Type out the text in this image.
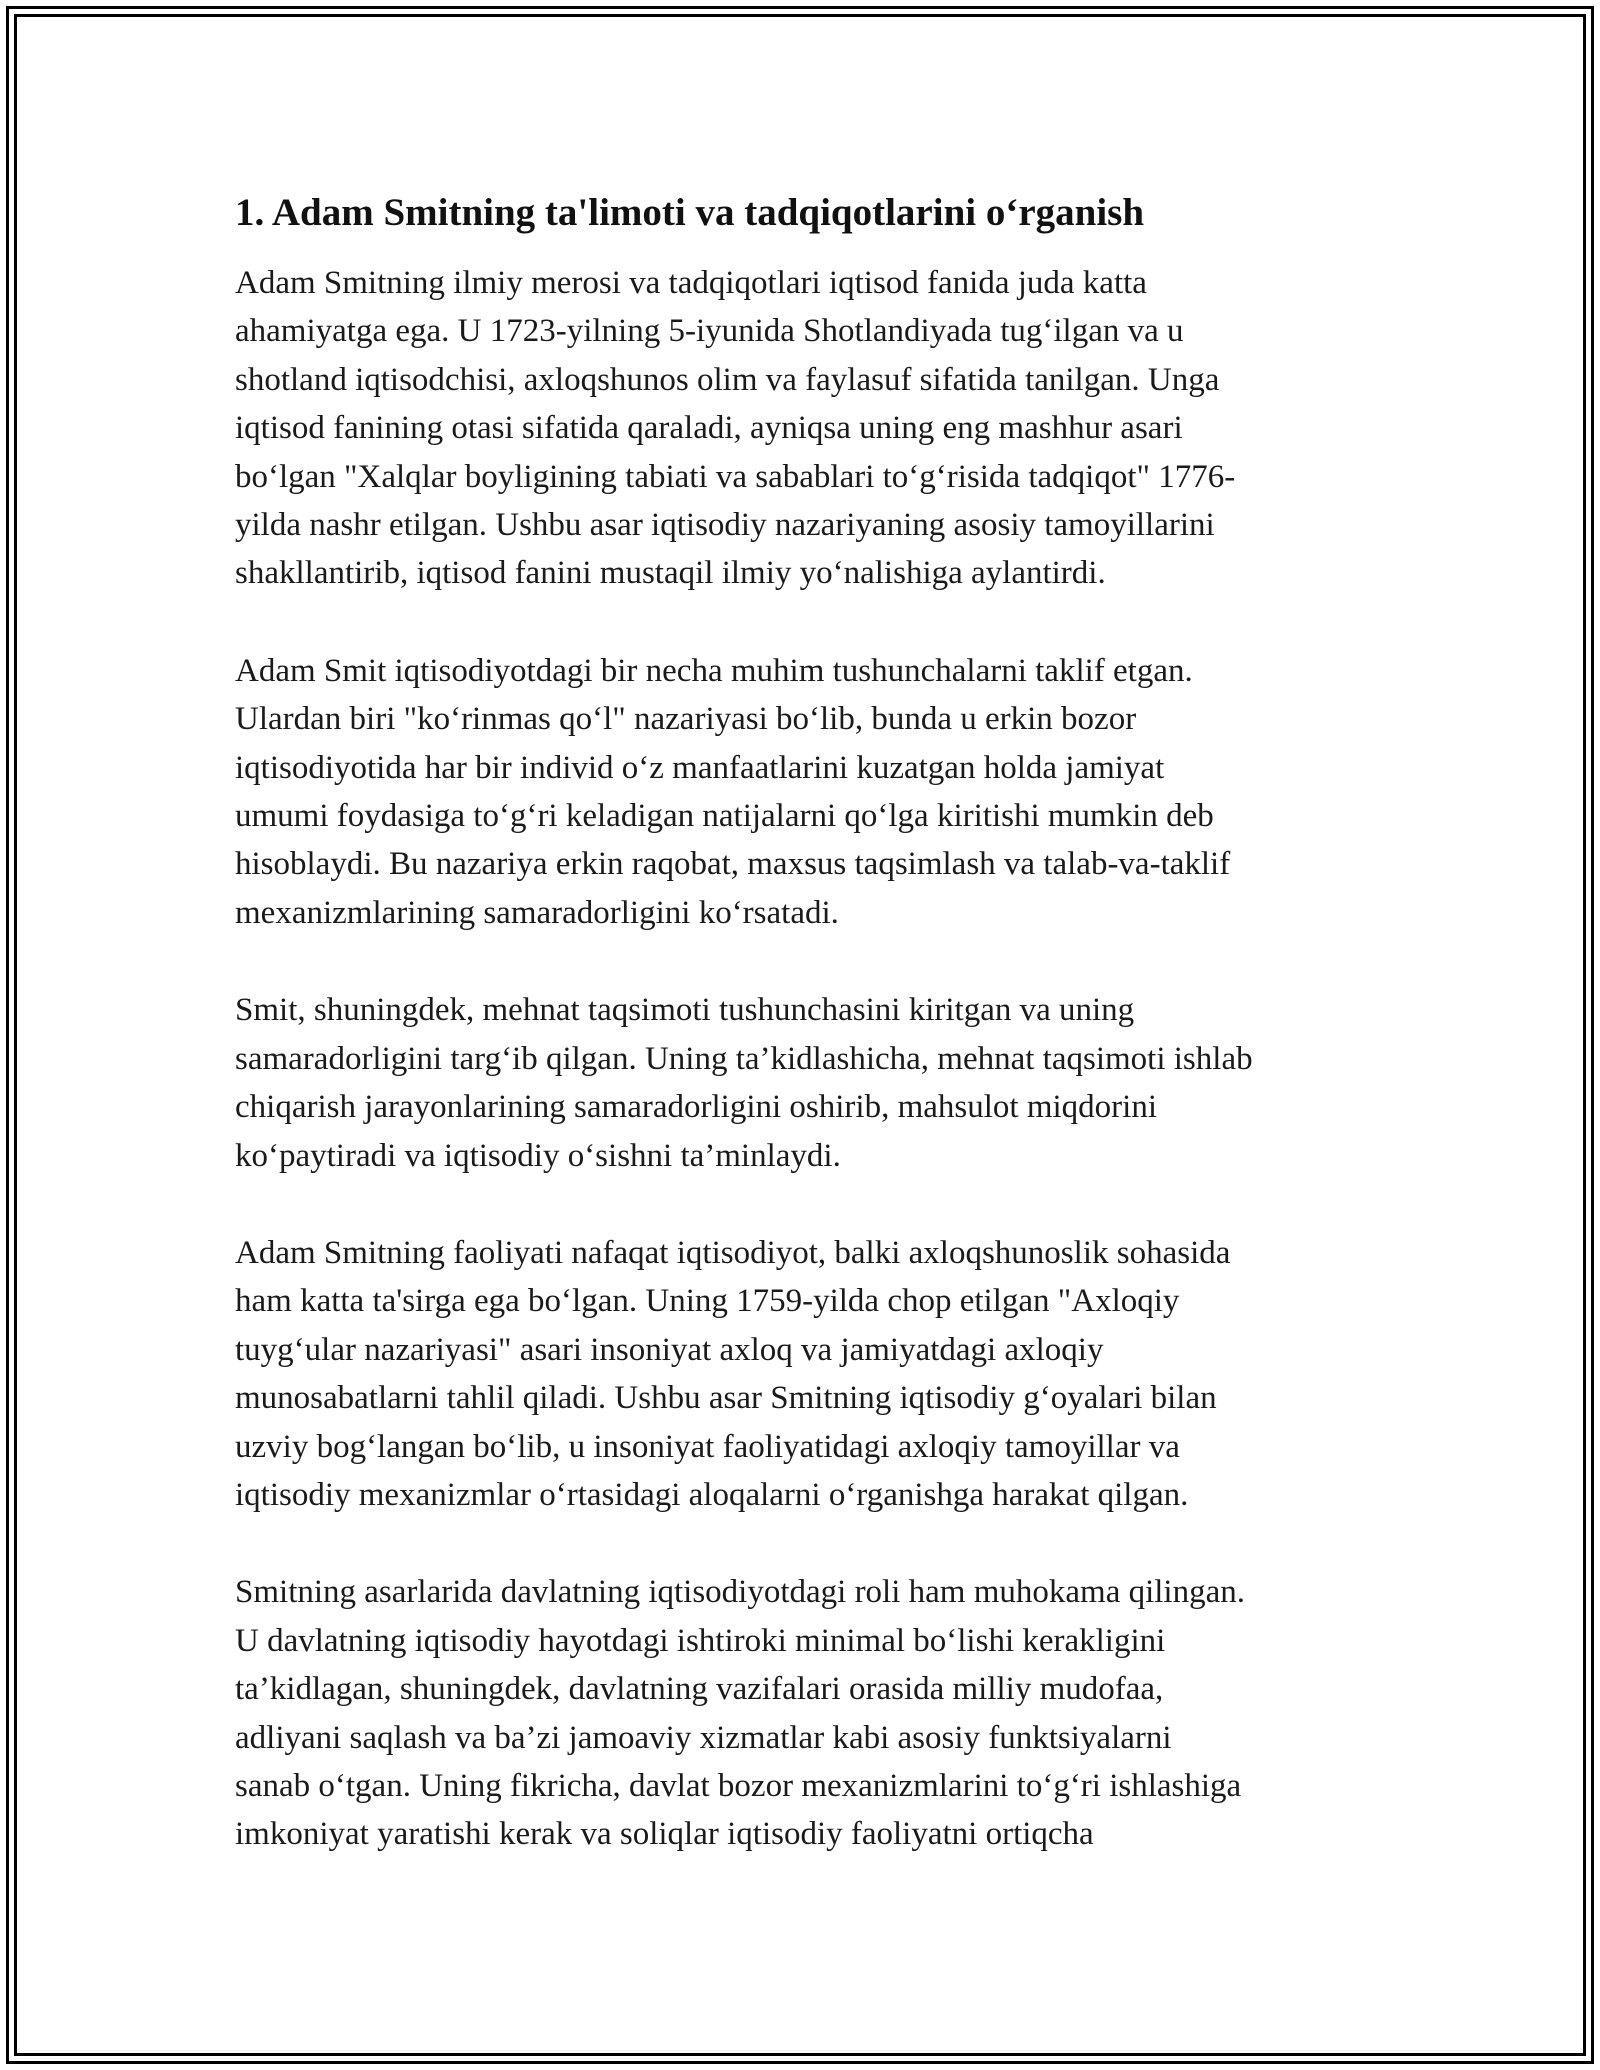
1. Adam Smitning ta'limoti va tadqiqotlarini o‘rganish

Adam Smitning ilmiy merosi va tadqiqotlari iqtisod fanida juda katta
ahamiyatga ega. U 1723-yilning 5-iyunida Shotlandiyada tug‘ilgan va u
shotland iqtisodchisi, axloqshunos olim va faylasuf sifatida tanilgan. Unga
iqtisod fanining otasi sifatida qaraladi, ayniqsa uning eng mashhur asari
bo‘lgan "Xalqlar boyligining tabiati va sabablari to‘g‘risida tadqiqot" 1776-
yilda nashr etilgan. Ushbu asar iqtisodiy nazariyaning asosiy tamoyillarini
shakllantirib, iqtisod fanini mustaqil ilmiy yo‘nalishiga aylantirdi.

Adam Smit iqtisodiyotdagi bir necha muhim tushunchalarni taklif etgan.
Ulardan biri "ko‘rinmas qo‘l" nazariyasi bo‘lib, bunda u erkin bozor
iqtisodiyotida har bir individ o‘z manfaatlarini kuzatgan holda jamiyat
umumi foydasiga to‘g‘ri keladigan natijalarni qo‘lga kiritishi mumkin deb
hisoblaydi. Bu nazariya erkin raqobat, maxsus taqsimlash va talab-va-taklif
mexanizmlarining samaradorligini ko‘rsatadi.

Smit, shuningdek, mehnat taqsimoti tushunchasini kiritgan va uning
samaradorligini targ‘ib qilgan. Uning ta’kidlashicha, mehnat taqsimoti ishlab
chiqarish jarayonlarining samaradorligini oshirib, mahsulot miqdorini
ko‘paytiradi va iqtisodiy o‘sishni ta’minlaydi.

Adam Smitning faoliyati nafaqat iqtisodiyot, balki axloqshunoslik sohasida
ham katta ta'sirga ega bo‘lgan. Uning 1759-yilda chop etilgan "Axloqiy
tuyg‘ular nazariyasi" asari insoniyat axloq va jamiyatdagi axloqiy
munosabatlarni tahlil qiladi. Ushbu asar Smitning iqtisodiy g‘oyalari bilan
uzviy bog‘langan bo‘lib, u insoniyat faoliyatidagi axloqiy tamoyillar va
iqtisodiy mexanizmlar o‘rtasidagi aloqalarni o‘rganishga harakat qilgan.

Smitning asarlarida davlatning iqtisodiyotdagi roli ham muhokama qilingan.
U davlatning iqtisodiy hayotdagi ishtiroki minimal bo‘lishi kerakligini
ta’kidlagan, shuningdek, davlatning vazifalari orasida milliy mudofaa,
adliyani saqlash va ba’zi jamoaviy xizmatlar kabi asosiy funktsiyalarni
sanab o‘tgan. Uning fikricha, davlat bozor mexanizmlarini to‘g‘ri ishlashiga
imkoniyat yaratishi kerak va soliqlar iqtisodiy faoliyatni ortiqcha
